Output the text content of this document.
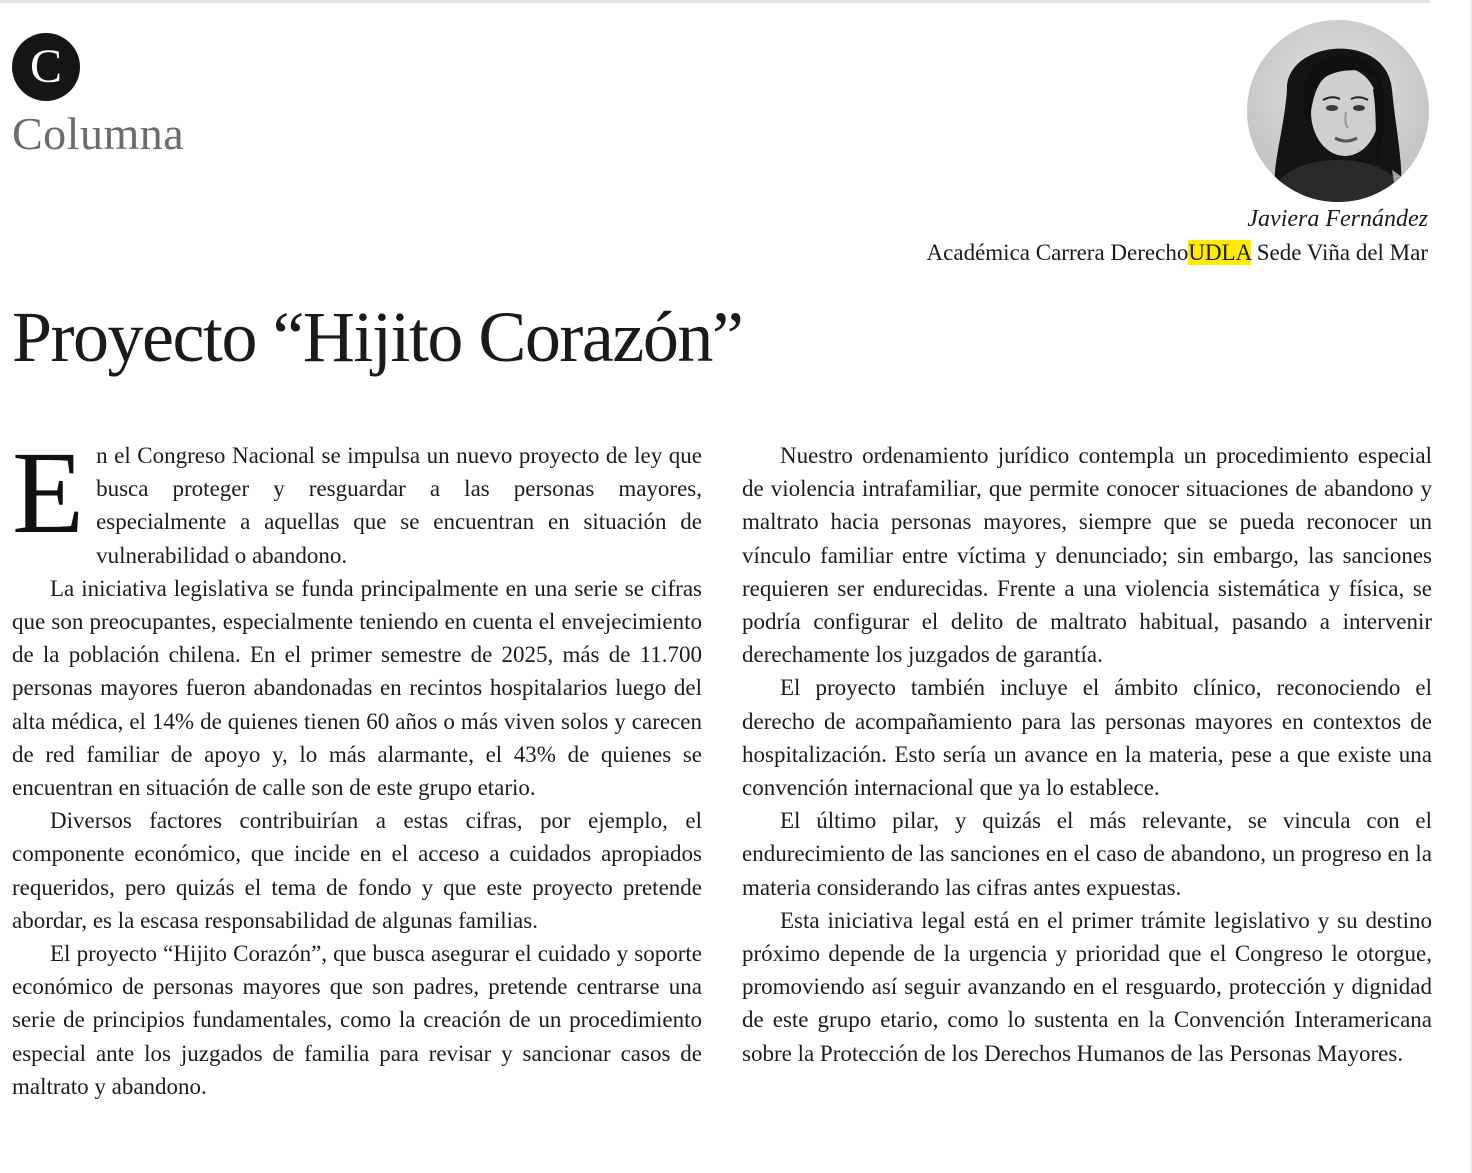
C
Columna
Javiera Fernández
Académica Carrera DerechoUDLA Sede Viña del Mar
Proyecto “Hijito Corazón”

En el Congreso Nacional se impulsa un nuevo proyecto de ley que busca proteger y resguardar a las personas mayores, especialmente a aquellas que se encuentran en situación de vulnerabilidad o abandono.

La iniciativa legislativa se funda principalmente en una serie se cifras que son preocupantes, especialmente teniendo en cuenta el envejecimiento de la población chilena. En el primer semestre de 2025, más de 11.700 personas mayores fueron abandonadas en recintos hospitalarios luego del alta médica, el 14% de quienes tienen 60 años o más viven solos y carecen de red familiar de apoyo y, lo más alarmante, el 43% de quienes se encuentran en situación de calle son de este grupo etario.

Diversos factores contribuirían a estas cifras, por ejemplo, el componente económico, que incide en el acceso a cuidados apropiados requeridos, pero quizás el tema de fondo y que este proyecto pretende abordar, es la escasa responsabilidad de algunas familias.

El proyecto “Hijito Corazón”, que busca asegurar el cuidado y soporte económico de personas mayores que son padres, pretende centrarse una serie de principios fundamentales, como la creación de un procedimiento especial ante los juzgados de familia para revisar y sancionar casos de maltrato y abandono.

Nuestro ordenamiento jurídico contempla un procedimiento especial de violencia intrafamiliar, que permite conocer situaciones de abandono y maltrato hacia personas mayores, siempre que se pueda reconocer un vínculo familiar entre víctima y denunciado; sin embargo, las sanciones requieren ser endurecidas. Frente a una violencia sistemática y física, se podría configurar el delito de maltrato habitual, pasando a intervenir derechamente los juzgados de garantía.

El proyecto también incluye el ámbito clínico, reconociendo el derecho de acompañamiento para las personas mayores en contextos de hospitalización. Esto sería un avance en la materia, pese a que existe una convención internacional que ya lo establece.

El último pilar, y quizás el más relevante, se vincula con el endurecimiento de las sanciones en el caso de abandono, un progreso en la materia considerando las cifras antes expuestas.

Esta iniciativa legal está en el primer trámite legislativo y su destino próximo depende de la urgencia y prioridad que el Congreso le otorgue, promoviendo así seguir avanzando en el resguardo, protección y dignidad de este grupo etario, como lo sustenta en la Convención Interamericana sobre la Protección de los Derechos Humanos de las Personas Mayores.
